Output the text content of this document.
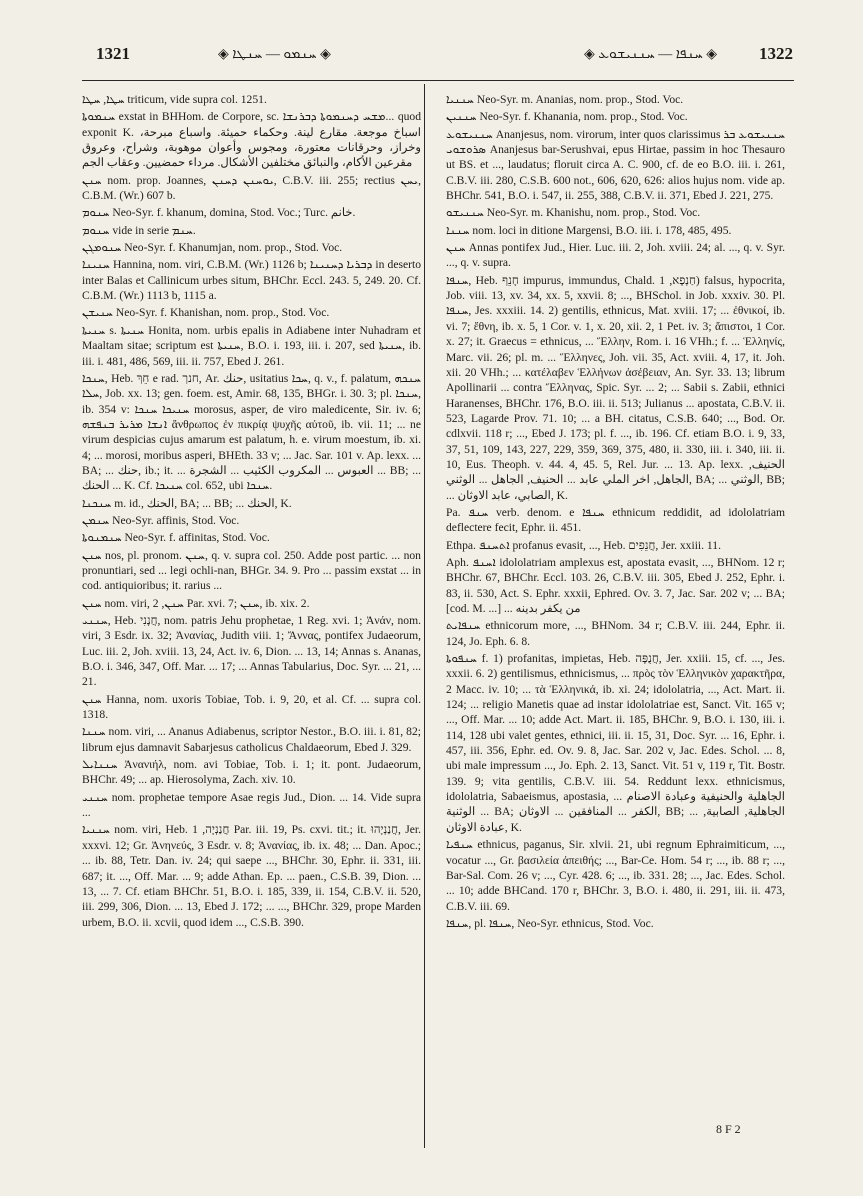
1321	◈ ܚܢܡܘ — ܚܢܛܐ ◈	◈ ܚܢܦܐ — ܚܢܢܝܫܘܥ ◈ 1322

ܚܛܐ, ܚܛܐ triticum, vide supra col. 1251.

ܚܢܡܘܬܐ exstat in BHHom. de Corpore, sc. ܡܫܚ ܕܚܢܡܘܬܐ ܕܒܪܢܫܐ... quod exponit K. اسباخ موجعة. مقارع لينة. وحكماء حميئة. واسباع مبرحة، وخراز، وحرقانات معتورة، ومجوس وأعوان موهوبة، وشراح، وعروق مقرعين الأكام، والنبائق مختلفين الأشكال. مرداء حمضيين. وعقاب الجم

ܚܢܢ nom. prop. Joannes, ܝܘܚܢܢ ܕܚܢܢ, C.B.V. iii. 255; rectius ܝܚܢ, C.B.M. (Wr.) 607 b.

ܚܢܘܡ Neo-Syr. f. khanum, domina, Stod. Voc.; Turc. خانم.

ܚܢܘܡ vide in serie ܚܢܡ.

ܚܢܘܡܓܢ Neo-Syr. f. Khanumjan, nom. prop., Stod. Voc.

ܚܢܝܢܐ Hannina, nom. viri, C.B.M. (Wr.) 1126 b; ܕܒܪܝܐ ܕܚܢܝܢܐ in deserto inter Balas et Callinicum urbes situm, BHChr. Eccl. 243. 5, 249. 20. Cf. C.B.M. (Wr.) 1113 b, 1115 a.

ܚܢܝܫܢ Neo-Syr. f. Khanishan, nom. prop., Stod. Voc.

ܚܢܝܬܐ s. ܚܢܝܬܐ Honita, nom. urbis epalis in Adiabene inter Nuhadram et Maaltam sitae; scriptum est ܚܢܝܬܐ, B.O. i. 193, iii. i. 207, sed ܚܢܝܬܐ, ib. iii. i. 481, 486, 569, iii. ii. 757, Ebed J. 261.

ܚܢܟܐ, Heb. חֵךְ e rad. חנך, Ar. حنك, usitatius ܚܟܐ, q. v., f. palatum, ܚܢܟܗ ܚܠܐ, Job. xx. 13; gen. foem. est, Amir. 68, 135, BHGr. i. 30. 3; pl. ܚܢܟܐ, ib. 354 v: ܚܢܝܟܐ ܚܢܟܐ morosus, asper, de viro maledicente, Sir. iv. 6; ܐܢܫܐ ܡܪܝܪ ܒܢܦܫܗ ἄνθρωπος ἐν πικρίᾳ ψυχῆς αὐτοῦ, ib. vii. 11; ... ne virum despicias cujus amarum est palatum, h. e. virum moestum, ib. xi. 4; ... morosi, moribus asperi, BHEth. 33 v; ... Jac. Sar. 101 v. Ap. lexx. ... BA; ... حنك, ib.; it. ... العبوس ... المكروب الكئيب ... الشجرة ... BB; ... الحنك ... K. Cf. ܚܢܝܟܐ col. 652, ubi ܚܢܟܐ.

ܚܢܟܢܐ m. id., الحنك, BA; ... BB; ... الحنك, K.

ܚܢܡܢ Neo-Syr. affinis, Stod. Voc.

ܚܢܡܢܘܬܐ Neo-Syr. f. affinitas, Stod. Voc.

ܚܢܢ nos, pl. pronom. ܚܢܢ, q. v. supra col. 250. Adde post partic. ... non pronuntiari, sed ... legi ochli-nan, BHGr. 34. 9. Pro ... passim exstat ... in cod. antiquioribus; it. rarius ...

ܚܢܢ nom. viri, ܚܢܢ, 2 Par. xvi. 7; ܚܢܢ, ib. xix. 2.

ܚܢܢܝ, Heb. חֲנָנִי, nom. patris Jehu prophetae, 1 Reg. xvi. 1; Ἀνάν, nom. viri, 3 Esdr. ix. 32; Ἀνανίας, Judith viii. 1; Ἄννας, pontifex Judaeorum, Luc. iii. 2, Joh. xviii. 13, 24, Act. iv. 6, Dion. ... 13, 14; Annas s. Ananas, B.O. i. 346, 347, Off. Mar. ... 17; ... Annas Tabularius, Doc. Syr. ... 21, ... 21.

ܚܢܢ Hanna, nom. uxoris Tobiae, Tob. i. 9, 20, et al. Cf. ... supra col. 1318.

ܚܢܢܐ nom. viri, ... Ananus Adiabenus, scriptor Nestor., B.O. iii. i. 81, 82; librum ejus damnavit Sabarjesus catholicus Chaldaeorum, Ebed J. 329.

ܚܢܢܐܝܠ Ἀνανιήλ, nom. avi Tobiae, Tob. i. 1; it. pont. Judaeorum, BHChr. 49; ... ap. Hierosolyma, Zach. xiv. 10.

ܚܢܢܝ nom. prophetae tempore Asae regis Jud., Dion. ... 14. Vide supra ...

ܚܢܢܝܐ nom. viri, Heb. חֲנַנְיָה, 1 Par. iii. 19, Ps. cxvi. tit.; it. חֲנַנְיָהוּ, Jer. xxxvi. 12; Gr. Ἀνηνεύς, 3 Esdr. v. 8; Ἀνανίας, ib. ix. 48; ... Dan. Apoc.; ... ib. 88, Tetr. Dan. iv. 24; qui saepe ..., BHChr. 30, Ephr. ii. 331, iii. 687; it. ..., Off. Mar. ... 9; adde Athan. Ep. ... paen., C.S.B. 39, Dion. ... 13, ... 7. Cf. etiam BHChr. 51, B.O. i. 185, 339, ii. 154, C.B.V. ii. 520, iii. 299, 306, Dion. ... 13, Ebed J. 172; ... ..., BHChr. 329, prope Marden urbem, B.O. ii. xcvii, quod idem ..., C.S.B. 390.

ܚܢܢܝܐ Neo-Syr. m. Ananias, nom. prop., Stod. Voc.

ܚܢܢܝܢ Neo-Syr. f. Khanania, nom. prop., Stod. Voc.

ܚܢܢܝܫܘܥ Ananjesus, nom. virorum, inter quos clarissimus ܚܢܢܝܫܘܥ ܒܪ ܣܪܘܫܘܝ Ananjesus bar-Serushvai, epus Hirtae, passim in hoc Thesauro ut BS. et ..., laudatus; floruit circa A. C. 900, cf. de eo B.O. iii. i. 261, C.B.V. iii. 280, C.S.B. 600 not., 606, 620, 626: alios hujus nom. vide ap. BHChr. 541, B.O. i. 547, ii. 255, 388, C.B.V. ii. 371, Ebed J. 221, 275.

ܚܢܢܝܫܘ Neo-Syr. m. Khanishu, nom. prop., Stod. Voc.

ܚܢܢܐ nom. loci in ditione Margensi, B.O. iii. i. 178, 485, 495.

ܚܢܢ Annas pontifex Jud., Hier. Luc. iii. 2, Joh. xviii. 24; al. ..., q. v. Syr. ..., q. v. supra.

ܚܢܦܐ, Heb. חָנֵף impurus, immundus, Chald. חַנְפָא, 1) falsus, hypocrita, Job. viii. 13, xv. 34, xx. 5, xxvii. 8; ..., BHSchol. in Job. xxxiv. 30. Pl. ܚܢܦܐ, Jes. xxxiii. 14. 2) gentilis, ethnicus, Mat. xviii. 17; ... ἐθνικοί, ib. vi. 7; ἔθνη, ib. x. 5, 1 Cor. v. 1, x. 20, xii. 2, 1 Pet. iv. 3; ἄπιστοι, 1 Cor. x. 27; it. Graecus = ethnicus, ... Ἕλλην, Rom. i. 16 VHh.; f. ... Ἑλληνίς, Marc. vii. 26; pl. m. ... Ἕλληνες, Joh. vii. 35, Act. xviii. 4, 17, it. Joh. xii. 20 VHh.; ... κατέλαβεν Ἑλλήνων ἀσέβειαν, An. Syr. 33. 13; librum Apollinarii ... contra Ἕλληνας, Spic. Syr. ... 2; ... Sabii s. Zabii, ethnici Haranenses, BHChr. 176, B.O. iii. ii. 513; Julianus ... apostata, C.B.V. ii. 523, Lagarde Prov. 71. 10; ... a BH. citatus, C.S.B. 640; ..., Bod. Or. cdlxvii. 118 r; ..., Ebed J. 173; pl. f. ..., ib. 196. Cf. etiam B.O. i. 9, 33, 37, 51, 109, 143, 227, 229, 359, 369, 375, 480, ii. 330, iii. i. 340, iii. ii. 10, Eus. Theoph. v. 44. 4, 45. 5, Rel. Jur. ... 13. Ap. lexx. الحنيف, الجاهل, اخر الملي عابد ... الحنيف, الجاهل ... الوثني, BA; ... الوثني, BB; ... الصابي، عابد الاوثان, K.

Pa. ܚܢܦ verb. denom. e ܚܢܦܐ ethnicum reddidit, ad idololatriam deflectere fecit, Ephr. ii. 451.

Ethpa. ܐܬܚܢܦ profanus evasit, ..., Heb. חֲנֵפִים, Jer. xxiii. 11.

Aph. ܐܚܢܦ idololatriam amplexus est, apostata evasit, ..., BHNom. 12 r; BHChr. 67, BHChr. Eccl. 103. 26, C.B.V. iii. 305, Ebed J. 252, Ephr. i. 83, ii. 530, Act. S. Ephr. xxxii, Ephred. Ov. 3. 7, Jac. Sar. 202 v; ... BA; [cod. M. ...] ... من يكفر بدينه

ܚܢܦܐܝܬ ethnicorum more, ..., BHNom. 34 r; C.B.V. iii. 244, Ephr. ii. 124, Jo. Eph. 6. 8.

ܚܢܦܘܬܐ f. 1) profanitas, impietas, Heb. חֲנֻפָּה, Jer. xxiii. 15, cf. ..., Jes. xxxii. 6. 2) gentilismus, ethnicismus, ... πρὸς τὸν Ἑλληνικὸν χαρακτῆρα, 2 Macc. iv. 10; ... τὰ Ἑλληνικά, ib. xi. 24; idololatria, ..., Act. Mart. ii. 124; ... religio Manetis quae ad instar idololatriae est, Sanct. Vit. 165 v; ..., Off. Mar. ... 10; adde Act. Mart. ii. 185, BHChr. 9, B.O. i. 130, iii. i. 114, 128 ubi valet gentes, ethnici, iii. ii. 15, 31, Doc. Syr. ... 16, Ephr. i. 457, iii. 356, Ephr. ed. Ov. 9. 8, Jac. Sar. 202 v, Jac. Edes. Schol. ... 8, ubi male impressum ..., Jo. Eph. 2. 13, Sanct. Vit. 51 v, 119 r, Tit. Bostr. 139. 9; vita gentilis, C.B.V. iii. 54. Reddunt lexx. ethnicismus, idololatria, Sabaeismus, apostasia, الجاهلية والحنيفية وعبادة الاصنام ... الوثنية ... BA; الكفر ... المنافقين ... الاوثان, BB; ... الجاهلية, الصابية, عبادة الاوثان, K.

ܚܢܦܝܐ ethnicus, paganus, Sir. xlvii. 21, ubi regnum Ephraimiticum, ..., vocatur ..., Gr. βασιλεία ἀπειθής; ..., Bar-Ce. Hom. 54 r; ..., ib. 88 r; ..., Bar-Sal. Com. 26 v; ..., Cyr. 428. 6; ..., ib. 331. 28; ..., Jac. Edes. Schol. ... 10; adde BHCand. 170 r, BHChr. 3, B.O. i. 480, ii. 291, iii. ii. 473, C.B.V. iii. 69.

ܚܢܦܐ, pl. ܚܢܦܐ, Neo-Syr. ethnicus, Stod. Voc.

8 F 2
